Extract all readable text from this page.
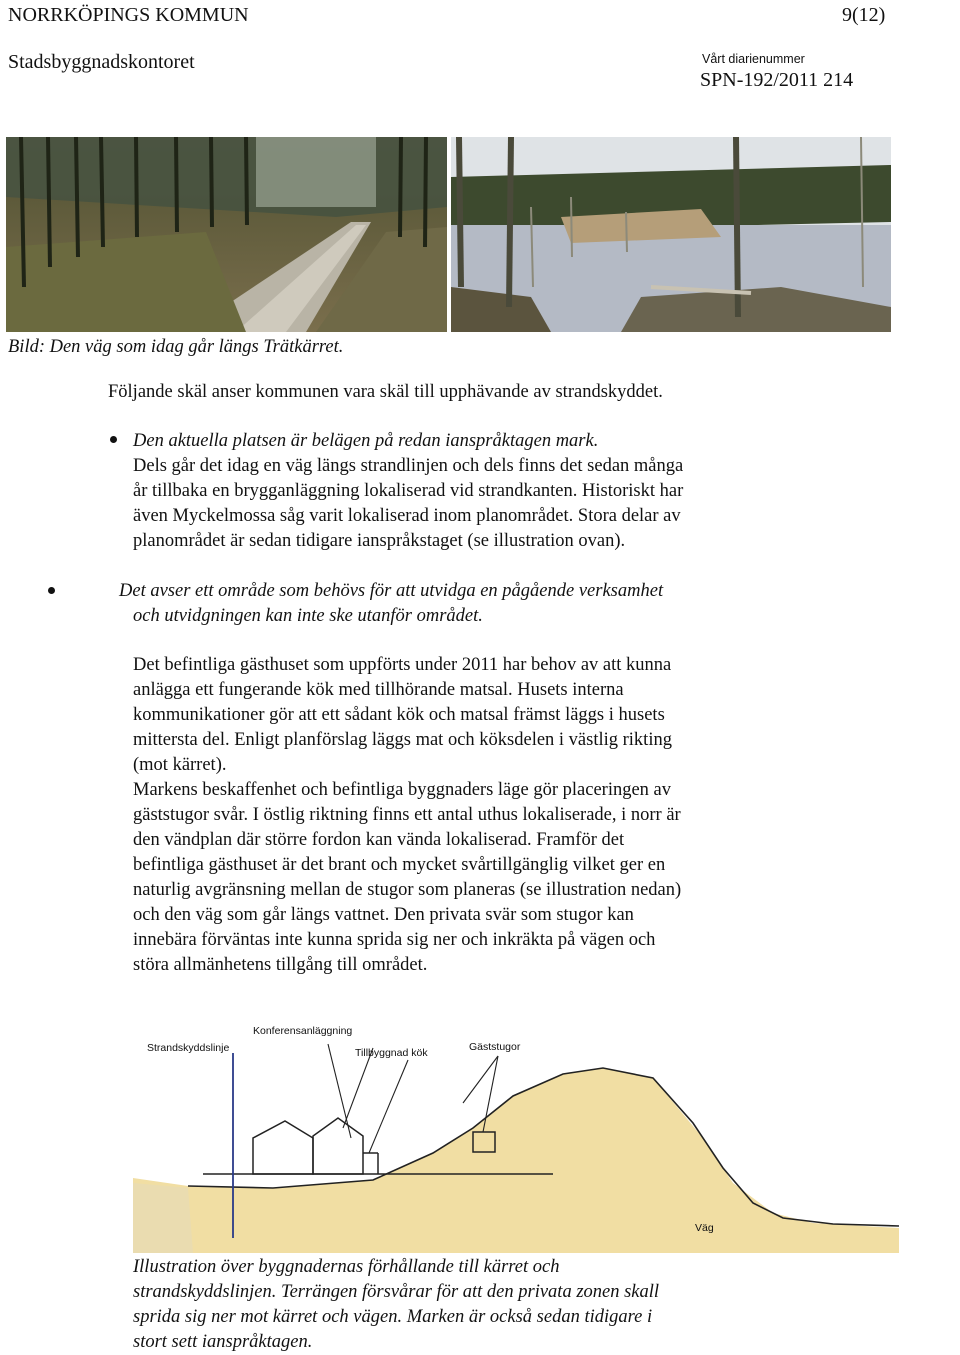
NORRKÖPINGS KOMMUN	9(12)
Stadsbyggnadskontoret	Vårt diarienummer
SPN-192/2011 214
Bild: Den väg som idag går längs Trätkärret.
Följande skäl anser kommunen vara skäl till upphävande av strandskyddet.
Den aktuella platsen är belägen på redan ianspråktagen mark.
Dels går det idag en väg längs strandlinjen och dels finns det sedan många
år tillbaka en brygganläggning lokaliserad vid strandkanten. Historiskt har
även Myckelmossa såg varit lokaliserad inom planområdet. Stora delar av
planområdet är sedan tidigare ianspråkstaget (se illustration ovan).
Det avser ett område som behövs för att utvidga en pågående verksamhet
och utvidgningen kan inte ske utanför området.
Det befintliga gästhuset som uppförts under 2011 har behov av att kunna
anlägga ett fungerande kök med tillhörande matsal. Husets interna
kommunikationer gör att ett sådant kök och matsal främst läggs i husets
mittersta del. Enligt planförslag läggs mat och köksdelen i västlig rikting
(mot kärret).
Markens beskaffenhet och befintliga byggnaders läge gör placeringen av
gäststugor svår. I östlig riktning finns ett antal uthus lokaliserade, i norr är
den vändplan där större fordon kan vända lokaliserad. Framför det
befintliga gästhuset är det brant och mycket svårtillgänglig vilket ger en
naturlig avgränsning mellan de stugor som planeras (se illustration nedan)
och den väg som går längs vattnet. Den privata svär som stugor kan
innebära förväntas inte kunna sprida sig ner och inkräkta på vägen och
störa allmänhetens tillgång till området.
Strandskyddslinje
Konferensanläggning
Tillbyggnad kök	Gäststugor
Väg
Illustration över byggnadernas förhållande till kärret och
strandskyddslinjen. Terrängen försvårar för att den privata zonen skall
sprida sig ner mot kärret och vägen. Marken är också sedan tidigare i
stort sett ianspråktagen.
